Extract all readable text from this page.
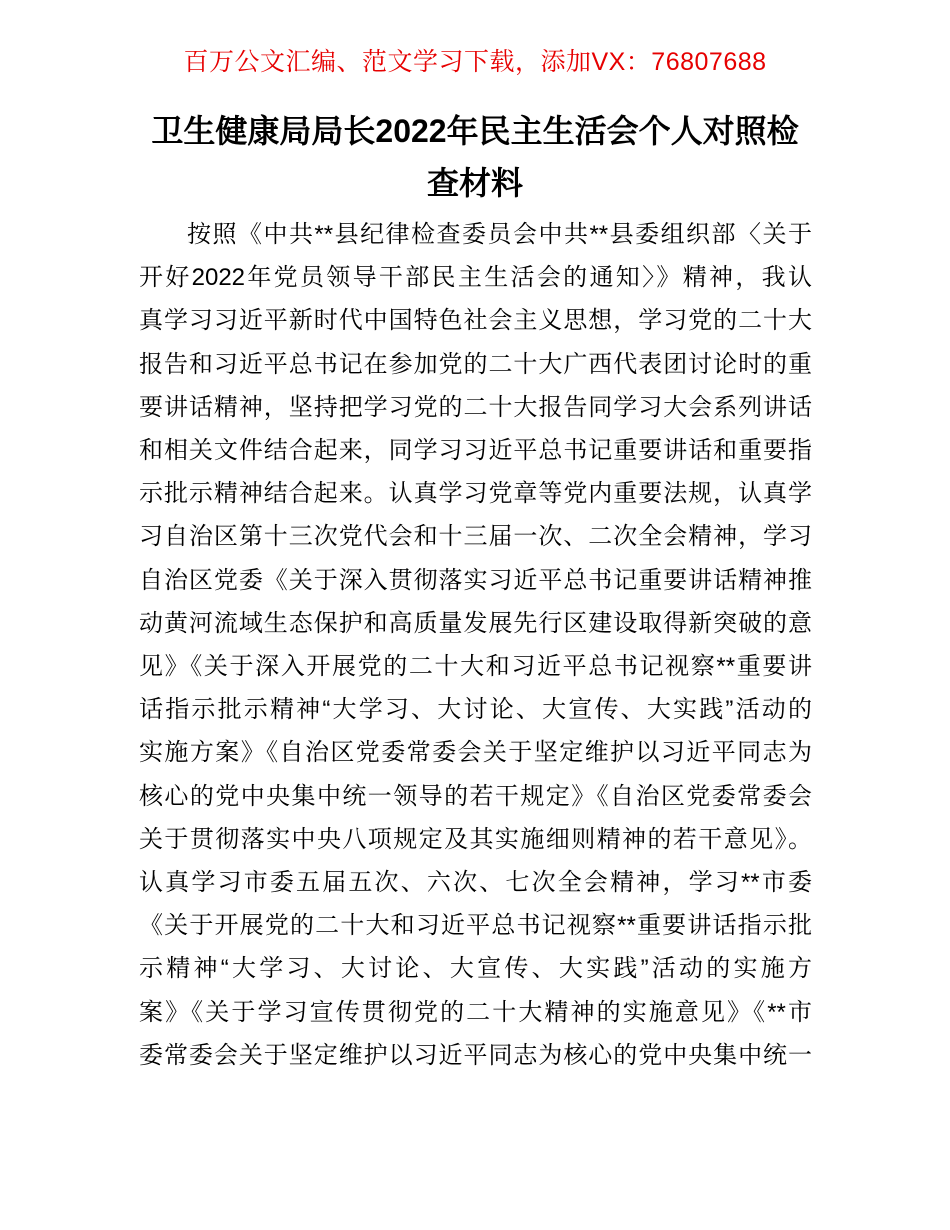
百万公文汇编、范文学习下载，添加VX：76807688
卫生健康局局长2022年民主生活会个人对照检
查材料
按照《中共**县纪律检查委员会中共**县委组织部〈关于
开好2022年党员领导干部民主生活会的通知〉》精神，我认
真学习习近平新时代中国特色社会主义思想，学习党的二十大
报告和习近平总书记在参加党的二十大广西代表团讨论时的重
要讲话精神，坚持把学习党的二十大报告同学习大会系列讲话
和相关文件结合起来，同学习习近平总书记重要讲话和重要指
示批示精神结合起来。认真学习党章等党内重要法规，认真学
习自治区第十三次党代会和十三届一次、二次全会精神，学习
自治区党委《关于深入贯彻落实习近平总书记重要讲话精神推
动黄河流域生态保护和高质量发展先行区建设取得新突破的意
见》《关于深入开展党的二十大和习近平总书记视察**重要讲
话指示批示精神“大学习、大讨论、大宣传、大实践”活动的
实施方案》《自治区党委常委会关于坚定维护以习近平同志为
核心的党中央集中统一领导的若干规定》《自治区党委常委会
关于贯彻落实中央八项规定及其实施细则精神的若干意见》。
认真学习市委五届五次、六次、七次全会精神，学习**市委
《关于开展党的二十大和习近平总书记视察**重要讲话指示批
示精神“大学习、大讨论、大宣传、大实践”活动的实施方
案》《关于学习宣传贯彻党的二十大精神的实施意见》《**市
委常委会关于坚定维护以习近平同志为核心的党中央集中统一
